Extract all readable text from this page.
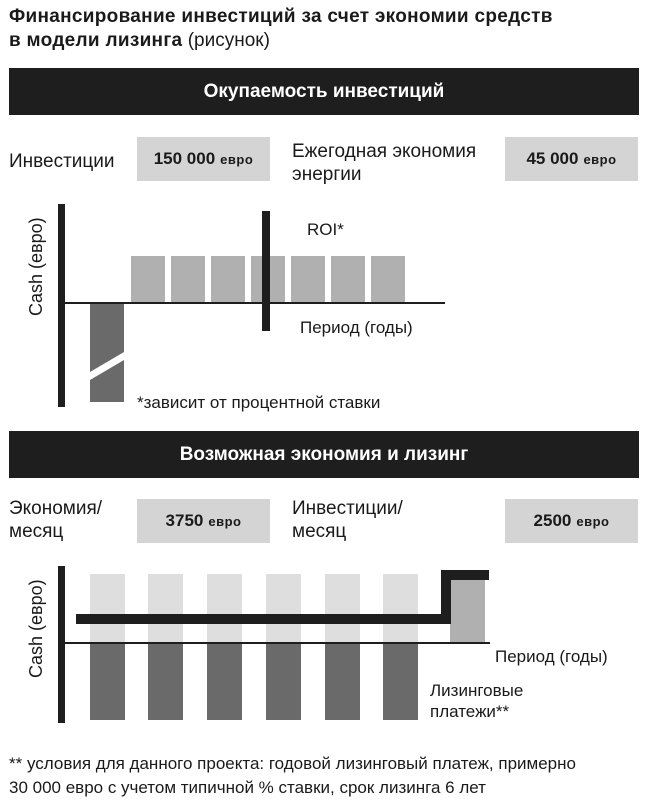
Финансирование инвестиций за счет экономии средств
в модели лизинга (рисунок)
Окупаемость инвестиций
Инвестиции 150 000 евро Ежегодная экономия
энергии
45 000 евро
Cash (евро)	ROI*
Период (годы)
*зависит от процентной ставки
Возможная экономия и лизинг
Экономия/
месяц
3750 евро
Инвестиции/
месяц
2500 евро
Cash (евро)	Период (годы)
Лизинговые
платежи**
** условия для данного проекта: годовой лизинговый платеж, примерно
30 000 евро с учетом типичной % ставки, срок лизинга 6 лет
